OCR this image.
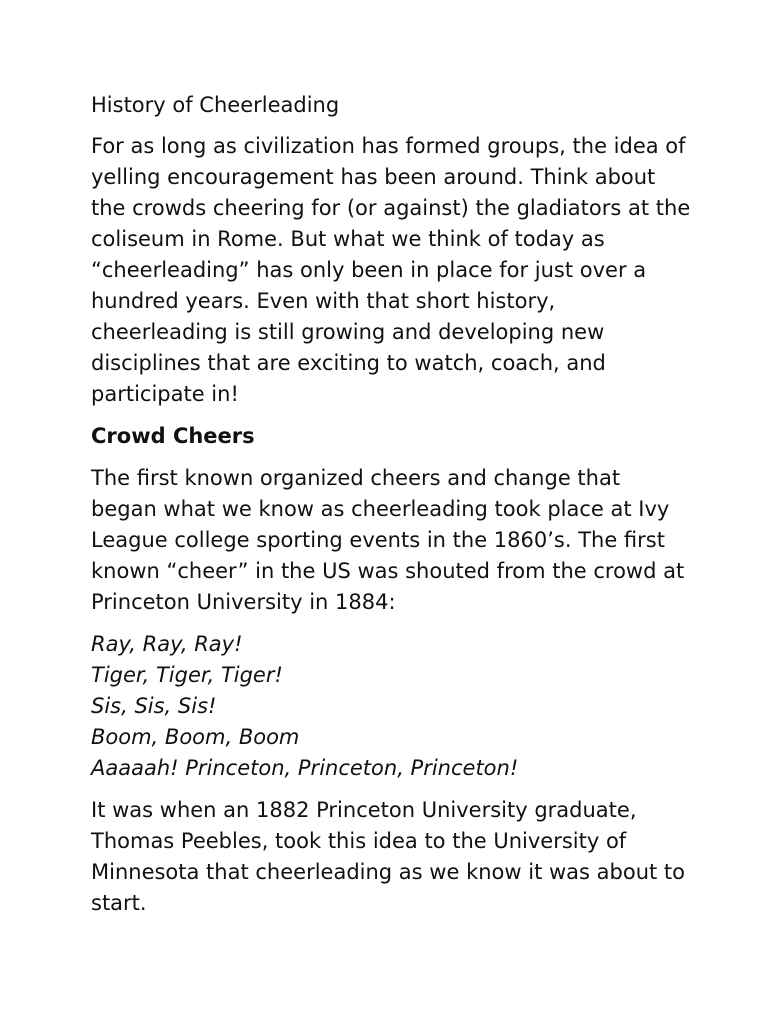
History of Cheerleading

For as long as civilization has formed groups, the idea of yelling encouragement has been around. Think about the crowds cheering for (or against) the gladiators at the coliseum in Rome. But what we think of today as “cheerleading” has only been in place for just over a hundred years. Even with that short history, cheerleading is still growing and developing new disciplines that are exciting to watch, coach, and participate in!

Crowd Cheers

The first known organized cheers and change that began what we know as cheerleading took place at Ivy League college sporting events in the 1860’s. The first known “cheer” in the US was shouted from the crowd at Princeton University in 1884:

Ray, Ray, Ray!
Tiger, Tiger, Tiger!
Sis, Sis, Sis!
Boom, Boom, Boom
Aaaaah! Princeton, Princeton, Princeton!

It was when an 1882 Princeton University graduate, Thomas Peebles, took this idea to the University of Minnesota that cheerleading as we know it was about to start.
